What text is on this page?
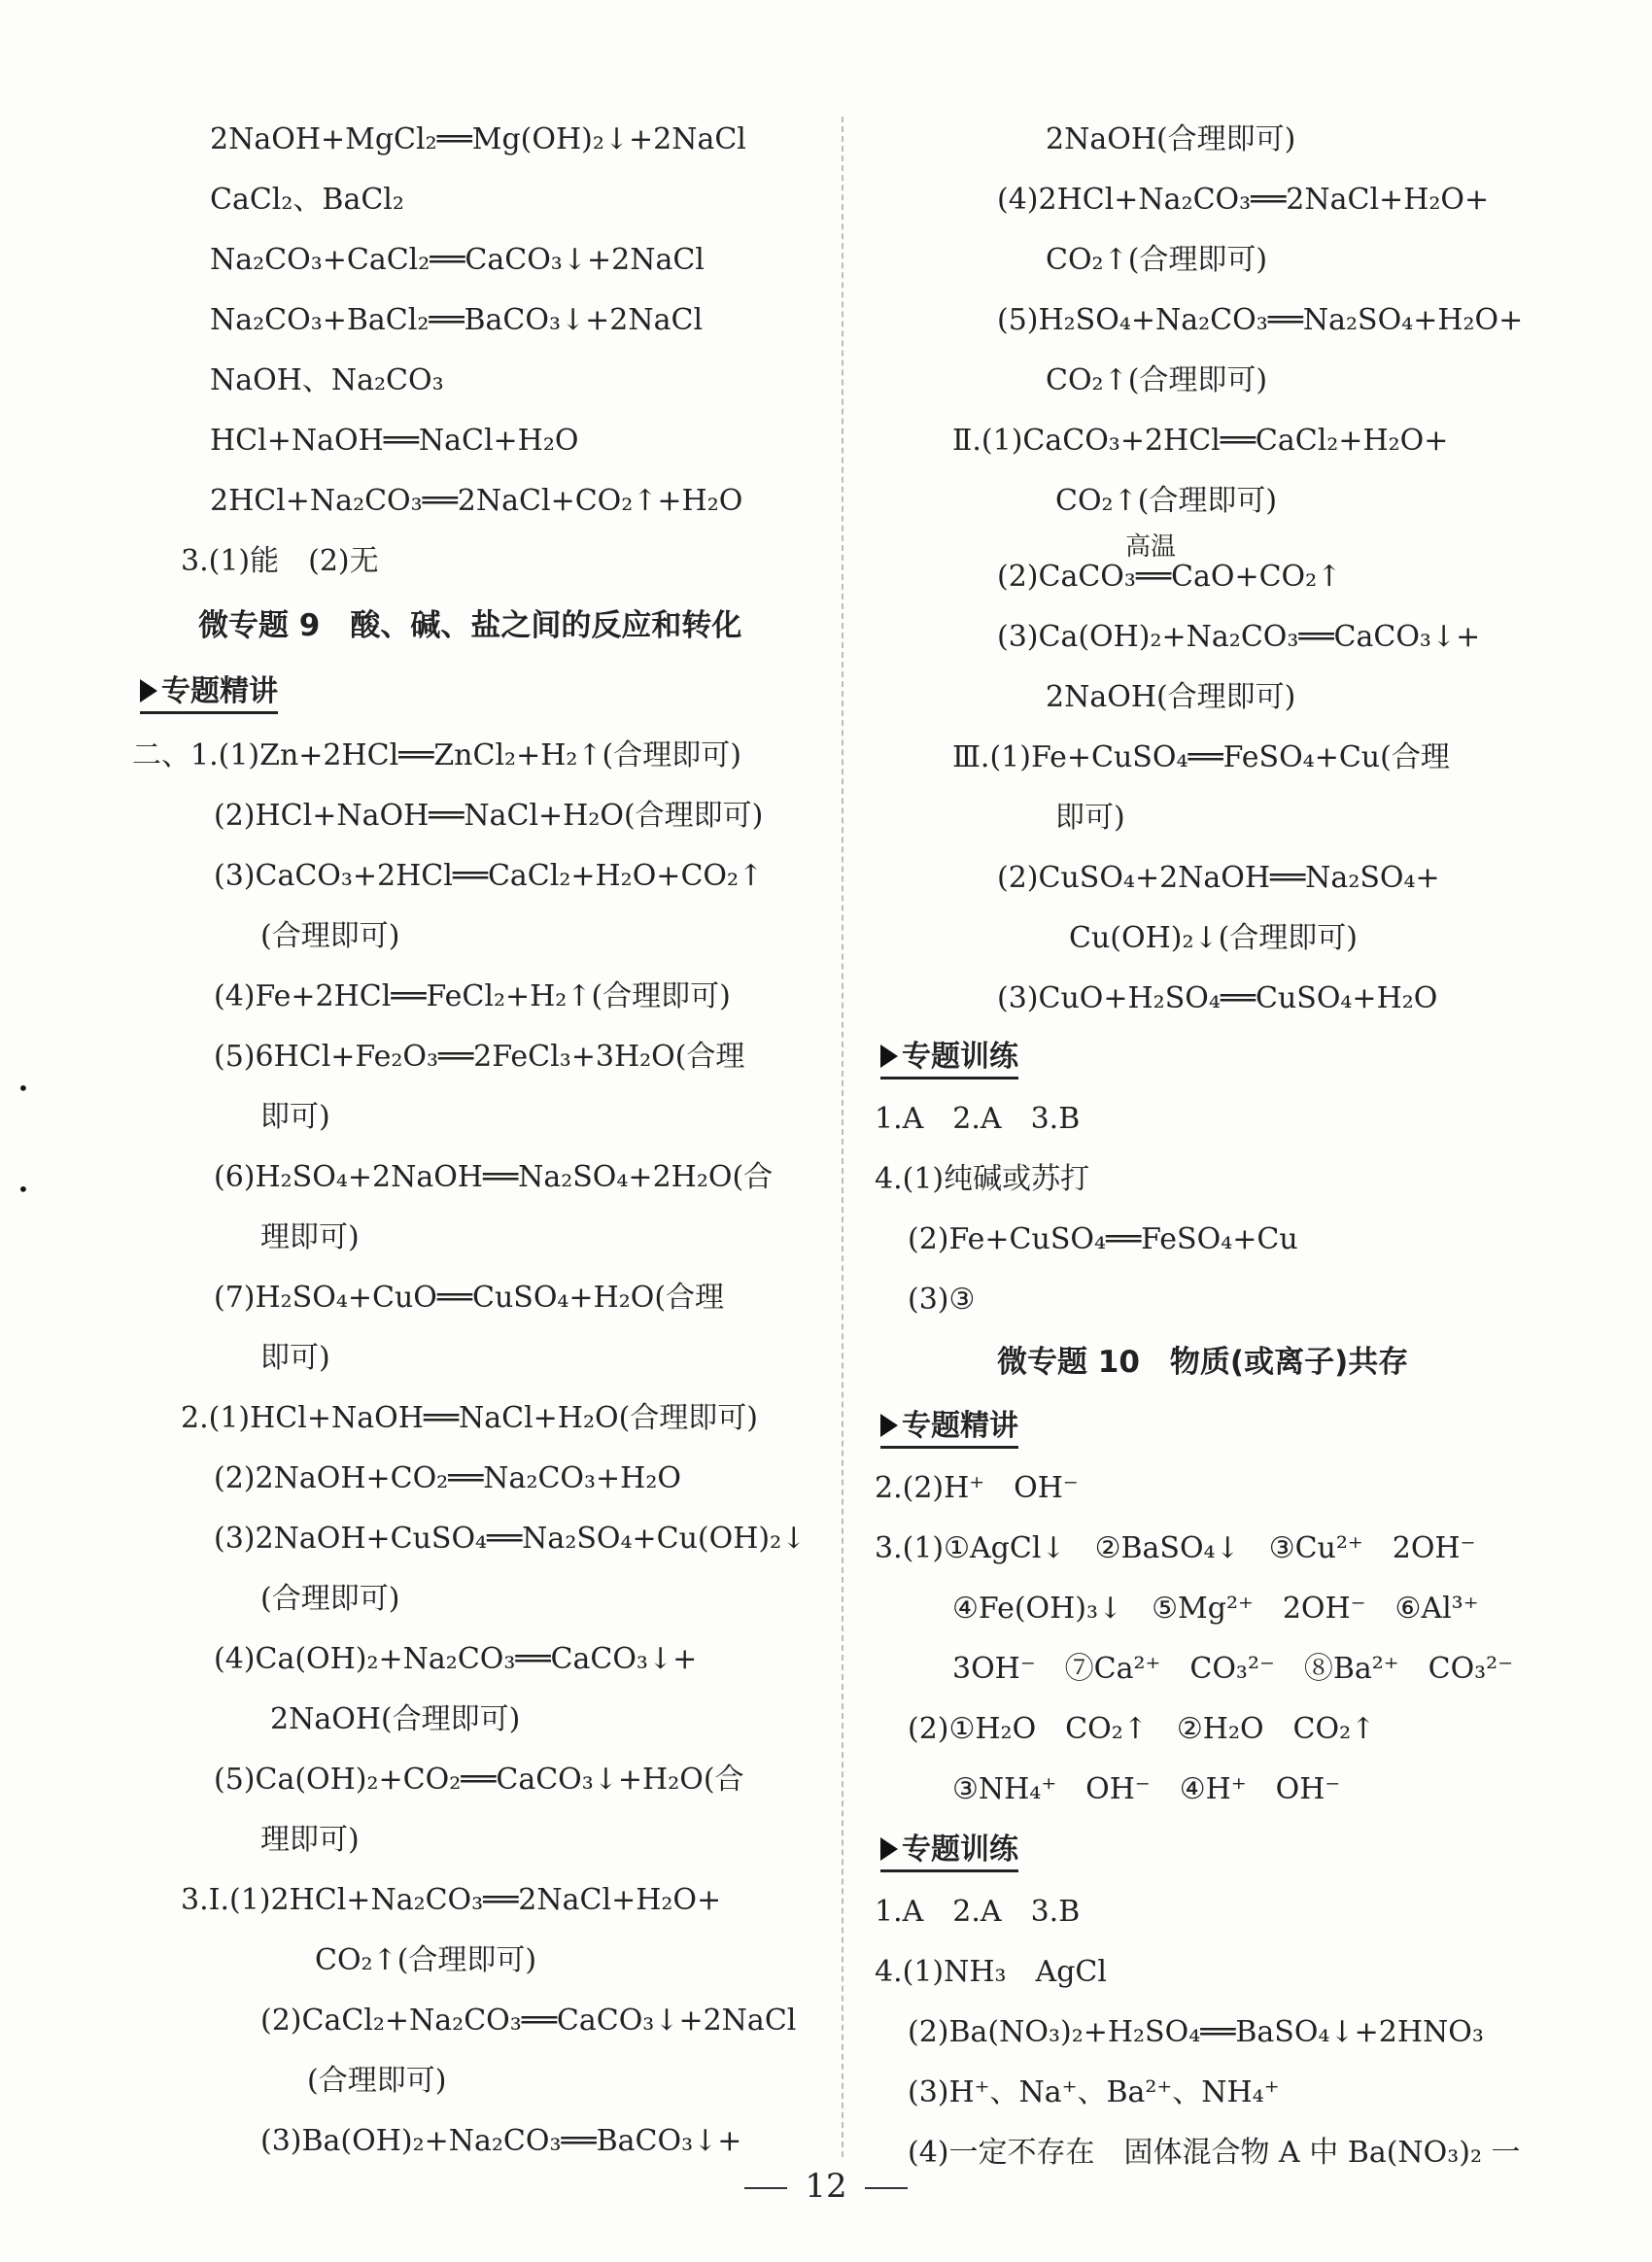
•
•
2NaOH+MgCl₂══Mg(OH)₂↓+2NaCl
CaCl₂、BaCl₂
Na₂CO₃+CaCl₂══CaCO₃↓+2NaCl
Na₂CO₃+BaCl₂══BaCO₃↓+2NaCl
NaOH、Na₂CO₃
HCl+NaOH══NaCl+H₂O
2HCl+Na₂CO₃══2NaCl+CO₂↑+H₂O
3.(1)能　(2)无
微专题 9　酸、碱、盐之间的反应和转化
专题精讲
二、1.(1)Zn+2HCl══ZnCl₂+H₂↑(合理即可)
(2)HCl+NaOH══NaCl+H₂O(合理即可)
(3)CaCO₃+2HCl══CaCl₂+H₂O+CO₂↑
(合理即可)
(4)Fe+2HCl══FeCl₂+H₂↑(合理即可)
(5)6HCl+Fe₂O₃══2FeCl₃+3H₂O(合理
即可)
(6)H₂SO₄+2NaOH══Na₂SO₄+2H₂O(合
理即可)
(7)H₂SO₄+CuO══CuSO₄+H₂O(合理
即可)
2.(1)HCl+NaOH══NaCl+H₂O(合理即可)
(2)2NaOH+CO₂══Na₂CO₃+H₂O
(3)2NaOH+CuSO₄══Na₂SO₄+Cu(OH)₂↓
(合理即可)
(4)Ca(OH)₂+Na₂CO₃══CaCO₃↓+
2NaOH(合理即可)
(5)Ca(OH)₂+CO₂══CaCO₃↓+H₂O(合
理即可)
3.Ⅰ.(1)2HCl+Na₂CO₃══2NaCl+H₂O+
CO₂↑(合理即可)
(2)CaCl₂+Na₂CO₃══CaCO₃↓+2NaCl
(合理即可)
(3)Ba(OH)₂+Na₂CO₃══BaCO₃↓+
2NaOH(合理即可)
(4)2HCl+Na₂CO₃══2NaCl+H₂O+
CO₂↑(合理即可)
(5)H₂SO₄+Na₂CO₃══Na₂SO₄+H₂O+
CO₂↑(合理即可)
Ⅱ.(1)CaCO₃+2HCl══CaCl₂+H₂O+
CO₂↑(合理即可)
高温
(2)CaCO₃══CaO+CO₂↑
(3)Ca(OH)₂+Na₂CO₃══CaCO₃↓+
2NaOH(合理即可)
Ⅲ.(1)Fe+CuSO₄══FeSO₄+Cu(合理
即可)
(2)CuSO₄+2NaOH══Na₂SO₄+
Cu(OH)₂↓(合理即可)
(3)CuO+H₂SO₄══CuSO₄+H₂O
专题训练
1.A　2.A　3.B
4.(1)纯碱或苏打
(2)Fe+CuSO₄══FeSO₄+Cu
(3)③
微专题 10　物质(或离子)共存
专题精讲
2.(2)H⁺　OH⁻
3.(1)①AgCl↓　②BaSO₄↓　③Cu²⁺　2OH⁻
④Fe(OH)₃↓　⑤Mg²⁺　2OH⁻　⑥Al³⁺
3OH⁻　⑦Ca²⁺　CO₃²⁻　⑧Ba²⁺　CO₃²⁻
(2)①H₂O　CO₂↑　②H₂O　CO₂↑
③NH₄⁺　OH⁻　④H⁺　OH⁻
专题训练
1.A　2.A　3.B
4.(1)NH₃　AgCl
(2)Ba(NO₃)₂+H₂SO₄══BaSO₄↓+2HNO₃
(3)H⁺、Na⁺、Ba²⁺、NH₄⁺
(4)一定不存在　固体混合物 A 中 Ba(NO₃)₂ 一
12
